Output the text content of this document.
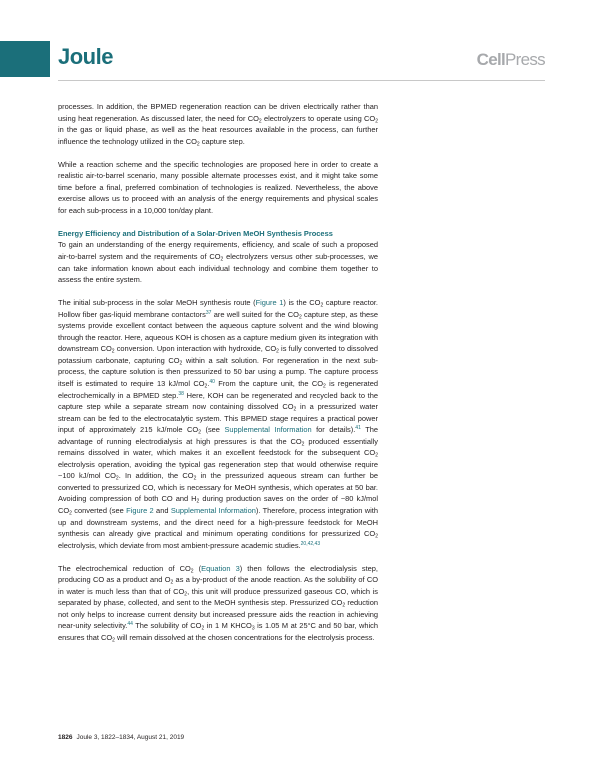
Joule	CellPress

processes. In addition, the BPMED regeneration reaction can be driven electrically rather than using heat regeneration. As discussed later, the need for $CO_2$ electrolyzers to operate using $CO_2$ in the gas or liquid phase, as well as the heat resources available in the process, can further influence the technology utilized in the $CO_2$ capture step.

While a reaction scheme and the specific technologies are proposed here in order to create a realistic air-to-barrel scenario, many possible alternate processes exist, and it might take some time before a final, preferred combination of technologies is realized. Nevertheless, the above exercise allows us to proceed with an analysis of the energy requirements and physical scales for each sub-process in a 10,000 ton/day plant.

Energy Efficiency and Distribution of a Solar-Driven MeOH Synthesis Process

To gain an understanding of the energy requirements, efficiency, and scale of such a proposed air-to-barrel system and the requirements of $CO_2$ electrolyzers versus other sub-processes, we can take information known about each individual technology and combine them together to assess the entire system.

The initial sub-process in the solar MeOH synthesis route (Figure 1) is the $CO_2$ capture reactor. Hollow fiber gas-liquid membrane contactors$^{37}$ are well suited for the $CO_2$ capture step, as these systems provide excellent contact between the aqueous capture solvent and the wind blowing through the reactor. Here, aqueous KOH is chosen as a capture medium given its integration with downstream $CO_2$ conversion. Upon interaction with hydroxide, $CO_2$ is fully converted to dissolved potassium carbonate, capturing $CO_2$ within a salt solution. For regeneration in the next sub-process, the capture solution is then pressurized to 50 bar using a pump. The capture process itself is estimated to require 13 kJ/mol $CO_2.^{40}$ From the capture unit, the $CO_2$ is regenerated electrochemically in a BPMED step.$^{38}$ Here, KOH can be regenerated and recycled back to the capture step while a separate stream now containing dissolved $CO_2$ in a pressurized water stream can be fed to the electrocatalytic system. This BPMED stage requires a practical power input of approximately 215 kJ/mole $CO_2$ (see Supplemental Information for details).$^{41}$ The advantage of running electrodialysis at high pressures is that the $CO_2$ produced essentially remains dissolved in water, which makes it an excellent feedstock for the subsequent $CO_2$ electrolysis operation, avoiding the typical gas regeneration step that would otherwise require ~100 kJ/mol $CO_2$. In addition, the $CO_2$ in the pressurized aqueous stream can further be converted to pressurized CO, which is necessary for MeOH synthesis, which operates at 50 bar. Avoiding compression of both CO and $H_2$ during production saves on the order of ~80 kJ/mol $CO_2$ converted (see Figure 2 and Supplemental Information). Therefore, process integration with up and downstream systems, and the direct need for a high-pressure feedstock for MeOH synthesis can already give practical and minimum operating conditions for pressurized $CO_2$ electrolysis, which deviate from most ambient-pressure academic studies.$^{20,42,43}$

The electrochemical reduction of $CO_2$ (Equation 3) then follows the electrodialysis step, producing CO as a product and $O_2$ as a by-product of the anode reaction. As the solubility of CO in water is much less than that of $CO_2$, this unit will produce pressurized gaseous CO, which is separated by phase, collected, and sent to the MeOH synthesis step. Pressurized $CO_2$ reduction not only helps to increase current density but increased pressure aids the reaction in achieving near-unity selectivity.$^{44}$ The solubility of $CO_2$ in 1 M $KHCO_3$ is 1.05 M at 25°C and 50 bar, which ensures that $CO_2$ will remain dissolved at the chosen concentrations for the electrolysis process.

1826 Joule 3, 1822–1834, August 21, 2019
